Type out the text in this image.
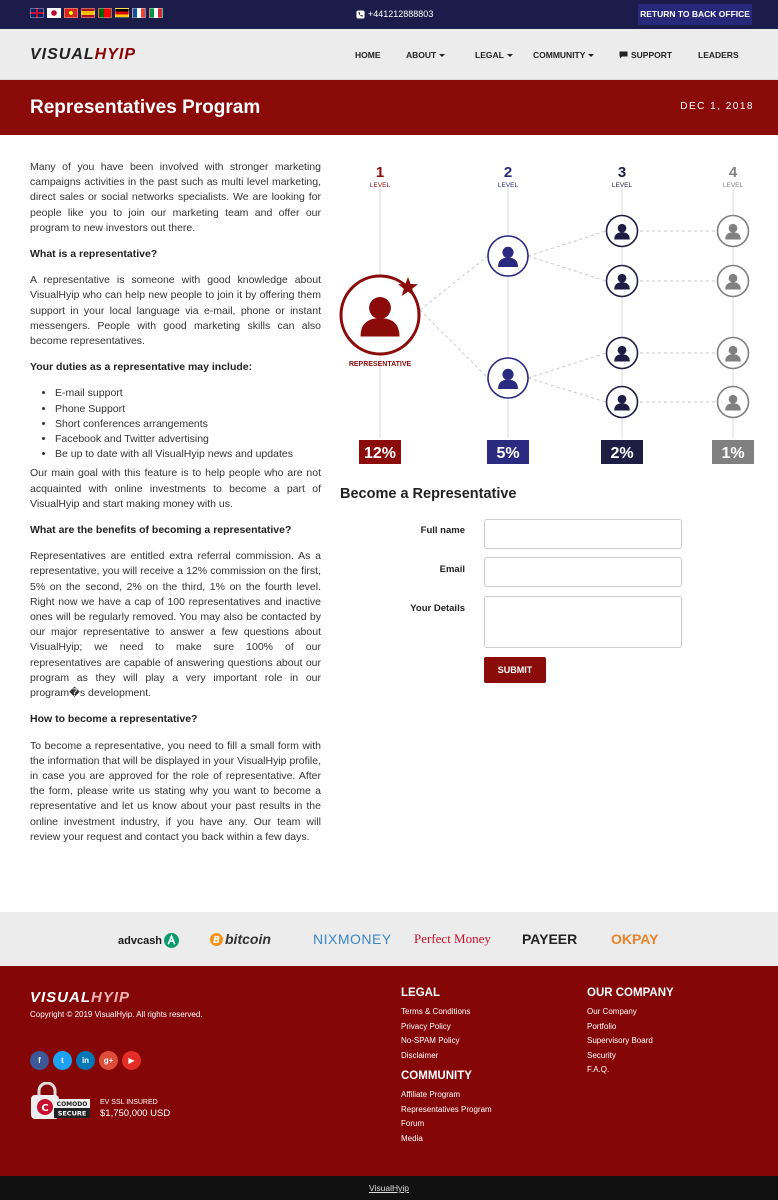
+441212888803	RETURN TO BACK OFFICE
VISUALHYIP	HOME	ABOUT	LEGAL	COMMUNITY	SUPPORT	LEADERS
Representatives Program	DEC 1, 2018

Many of you have been involved with stronger marketing campaigns activities in the past such as multi level marketing, direct sales or social networks specialists. We are looking for people like you to join our marketing team and offer our program to new investors out there.

What is a representative?

A representative is someone with good knowledge about VisualHyip who can help new people to join it by offering them support in your local language via e-mail, phone or instant messengers. People with good marketing skills can also become representatives.

Your duties as a representative may include:
• E-mail support
• Phone Support
• Short conferences arrangements
• Facebook and Twitter advertising
• Be up to date with all VisualHyip news and updates

Our main goal with this feature is to help people who are not acquainted with online investments to become a part of VisualHyip and start making money with us.

What are the benefits of becoming a representative?

Representatives are entitled extra referral commission. As a representative, you will receive a 12% commission on the first, 5% on the second, 2% on the third, 1% on the fourth level. Right now we have a cap of 100 representatives and inactive ones will be regularly removed. You may also be contacted by our major representative to answer a few questions about VisualHyip; we need to make sure 100% of our representatives are capable of answering questions about our program as they will play a very important role in our program�s development.

How to become a representative?

To become a representative, you need to fill a small form with the information that will be displayed in your VisualHyip profile, in case you are approved for the role of representative. After the form, please write us stating why you want to become a representative and let us know about your past results in the online investment industry, if you have any. Our team will review your request and contact you back within a few days.

YOU
REPRESENTATIVE
1
LEVEL
12%
2
LEVEL
5%
3
LEVEL
2%
4
LEVEL
1%
Become a Representative
Full name
Email
Your Details
SUBMIT
advcash	B bitcoin	NIXMONEY Perfect Money PAYEER OKPAY
VISUALHYIP
Copyright © 2019 VisualHyip. All rights reserved.
f	t	in	g+	▶
C COMODO
SECURE
EV SSL INSURED
$1,750,000 USD
LEGAL
Terms & Conditions
Privacy Policy
No-SPAM Policy
Disclaimer
COMMUNITY
Affiliate Program
Representatives Program
Forum
Media
OUR COMPANY
Our Company
Portfolio
Supervisory Board
Security
F.A.Q.
VisualHyip
